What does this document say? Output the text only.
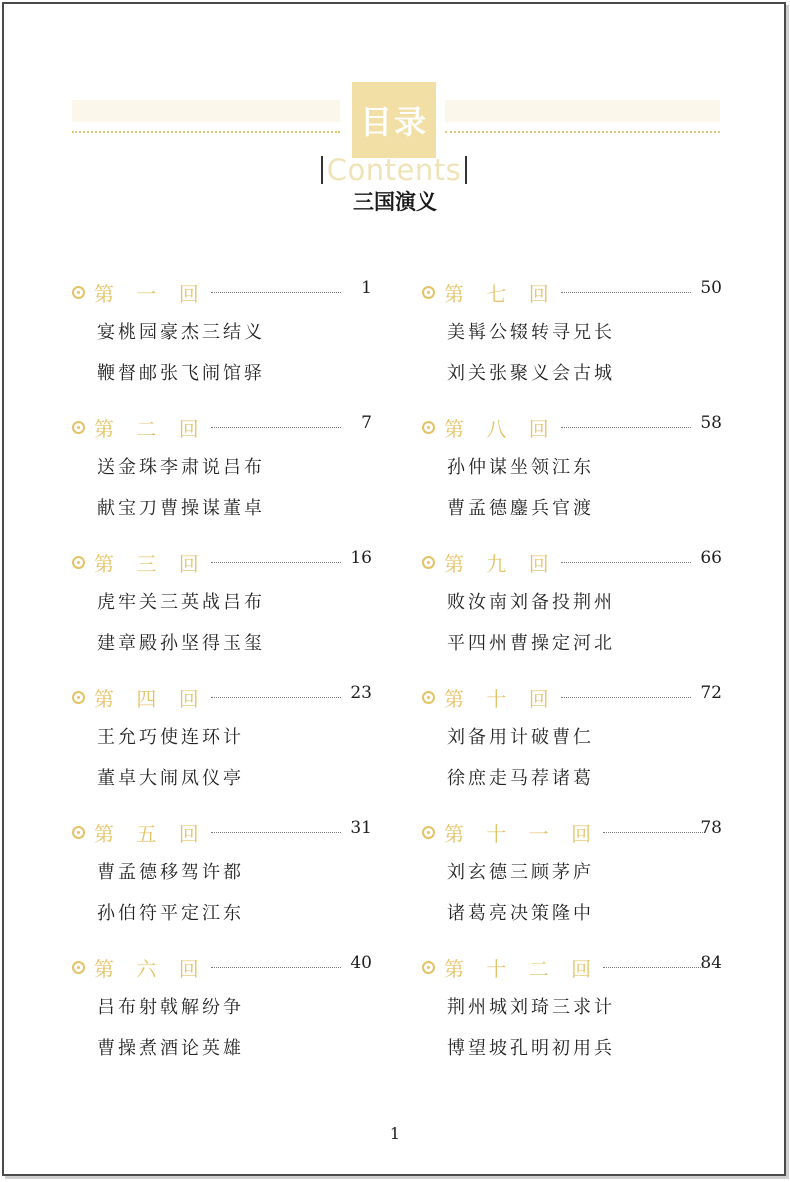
目录
Contents
三国演义
第 一 回	1
宴桃园豪杰三结义
鞭督邮张飞闹馆驿
第 二 回	7
送金珠李肃说吕布
献宝刀曹操谋董卓
第 三 回	16
虎牢关三英战吕布
建章殿孙坚得玉玺
第 四 回	23
王允巧使连环计
董卓大闹凤仪亭
第 五 回	31
曹孟德移驾许都
孙伯符平定江东
第 六 回	40
吕布射戟解纷争
曹操煮酒论英雄
第 七 回	50
美髯公辍转寻兄长
刘关张聚义会古城
第 八 回	58
孙仲谋坐领江东
曹孟德鏖兵官渡
第 九 回	66
败汝南刘备投荆州
平四州曹操定河北
第 十 回	72
刘备用计破曹仁
徐庶走马荐诸葛
第 十 一 回	78
刘玄德三顾茅庐
诸葛亮决策隆中
第 十 二 回	84
荆州城刘琦三求计
博望坡孔明初用兵
1
